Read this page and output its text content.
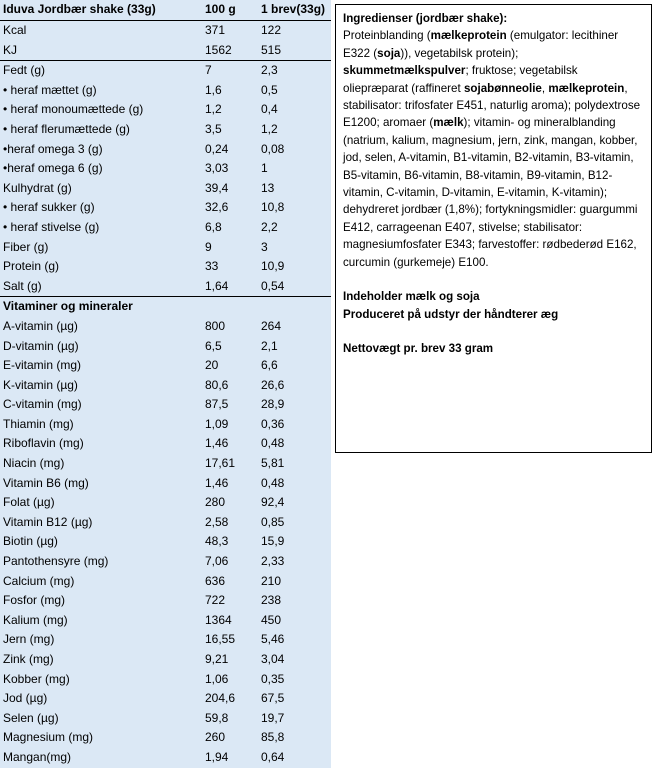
Iduva Jordbær shake (33g)	100 g	1 brev(33g)
Kcal	371	122
KJ	1562	515
Fedt (g)	7	2,3
• heraf mættet (g)	1,6	0,5
• heraf monoumættede (g)	1,2	0,4
• heraf flerumættede (g)	3,5	1,2
•heraf omega 3 (g)	0,24	0,08
•heraf omega 6 (g)	3,03	1
Kulhydrat (g)	39,4	13
• heraf sukker (g)	32,6	10,8
• heraf stivelse (g)	6,8	2,2
Fiber (g)	9	3
Protein (g)	33	10,9
Salt (g)	1,64	0,54
Vitaminer og mineraler
A-vitamin (µg)	800	264
D-vitamin (µg)	6,5	2,1
E-vitamin (mg)	20	6,6
K-vitamin (µg)	80,6	26,6
C-vitamin (mg)	87,5	28,9
Thiamin (mg)	1,09	0,36
Riboflavin (mg)	1,46	0,48
Niacin (mg)	17,61	5,81
Vitamin B6 (mg)	1,46	0,48
Folat (µg)	280	92,4
Vitamin B12 (µg)	2,58	0,85
Biotin (µg)	48,3	15,9
Pantothensyre (mg)	7,06	2,33
Calcium (mg)	636	210
Fosfor (mg)	722	238
Kalium (mg)	1364	450
Jern (mg)	16,55	5,46
Zink (mg)	9,21	3,04
Kobber (mg)	1,06	0,35
Jod (µg)	204,6	67,5
Selen (µg)	59,8	19,7
Magnesium (mg)	260	85,8
Mangan(mg)	1,94	0,64

Ingredienser (jordbær shake):

Proteinblanding (mælkeprotein (emulgator: lecithiner E322 (soja)), vegetabilsk protein); skummetmælkspulver; fruktose; vegetabilsk oliepræparat (raffineret sojabønneolie, mælkeprotein, stabilisator: trifosfater E451, naturlig aroma); polydextrose E1200; aromaer (mælk); vitamin- og mineralblanding (natrium, kalium, magnesium, jern, zink, mangan, kobber, jod, selen, A-vitamin, B1-vitamin, B2-vitamin, B3-vitamin, B5-vitamin, B6-vitamin, B8-vitamin, B9-vitamin, B12-vitamin, C-vitamin, D-vitamin, E-vitamin, K-vitamin); dehydreret jordbær (1,8%); fortykningsmidler: guargummi E412, carrageenan E407, stivelse; stabilisator: magnesiumfosfater E343; farvestoffer: rødbederød E162, curcumin (gurkemeje) E100.

Indeholder mælk og soja

Produceret på udstyr der håndterer æg

Nettovægt pr. brev 33 gram
